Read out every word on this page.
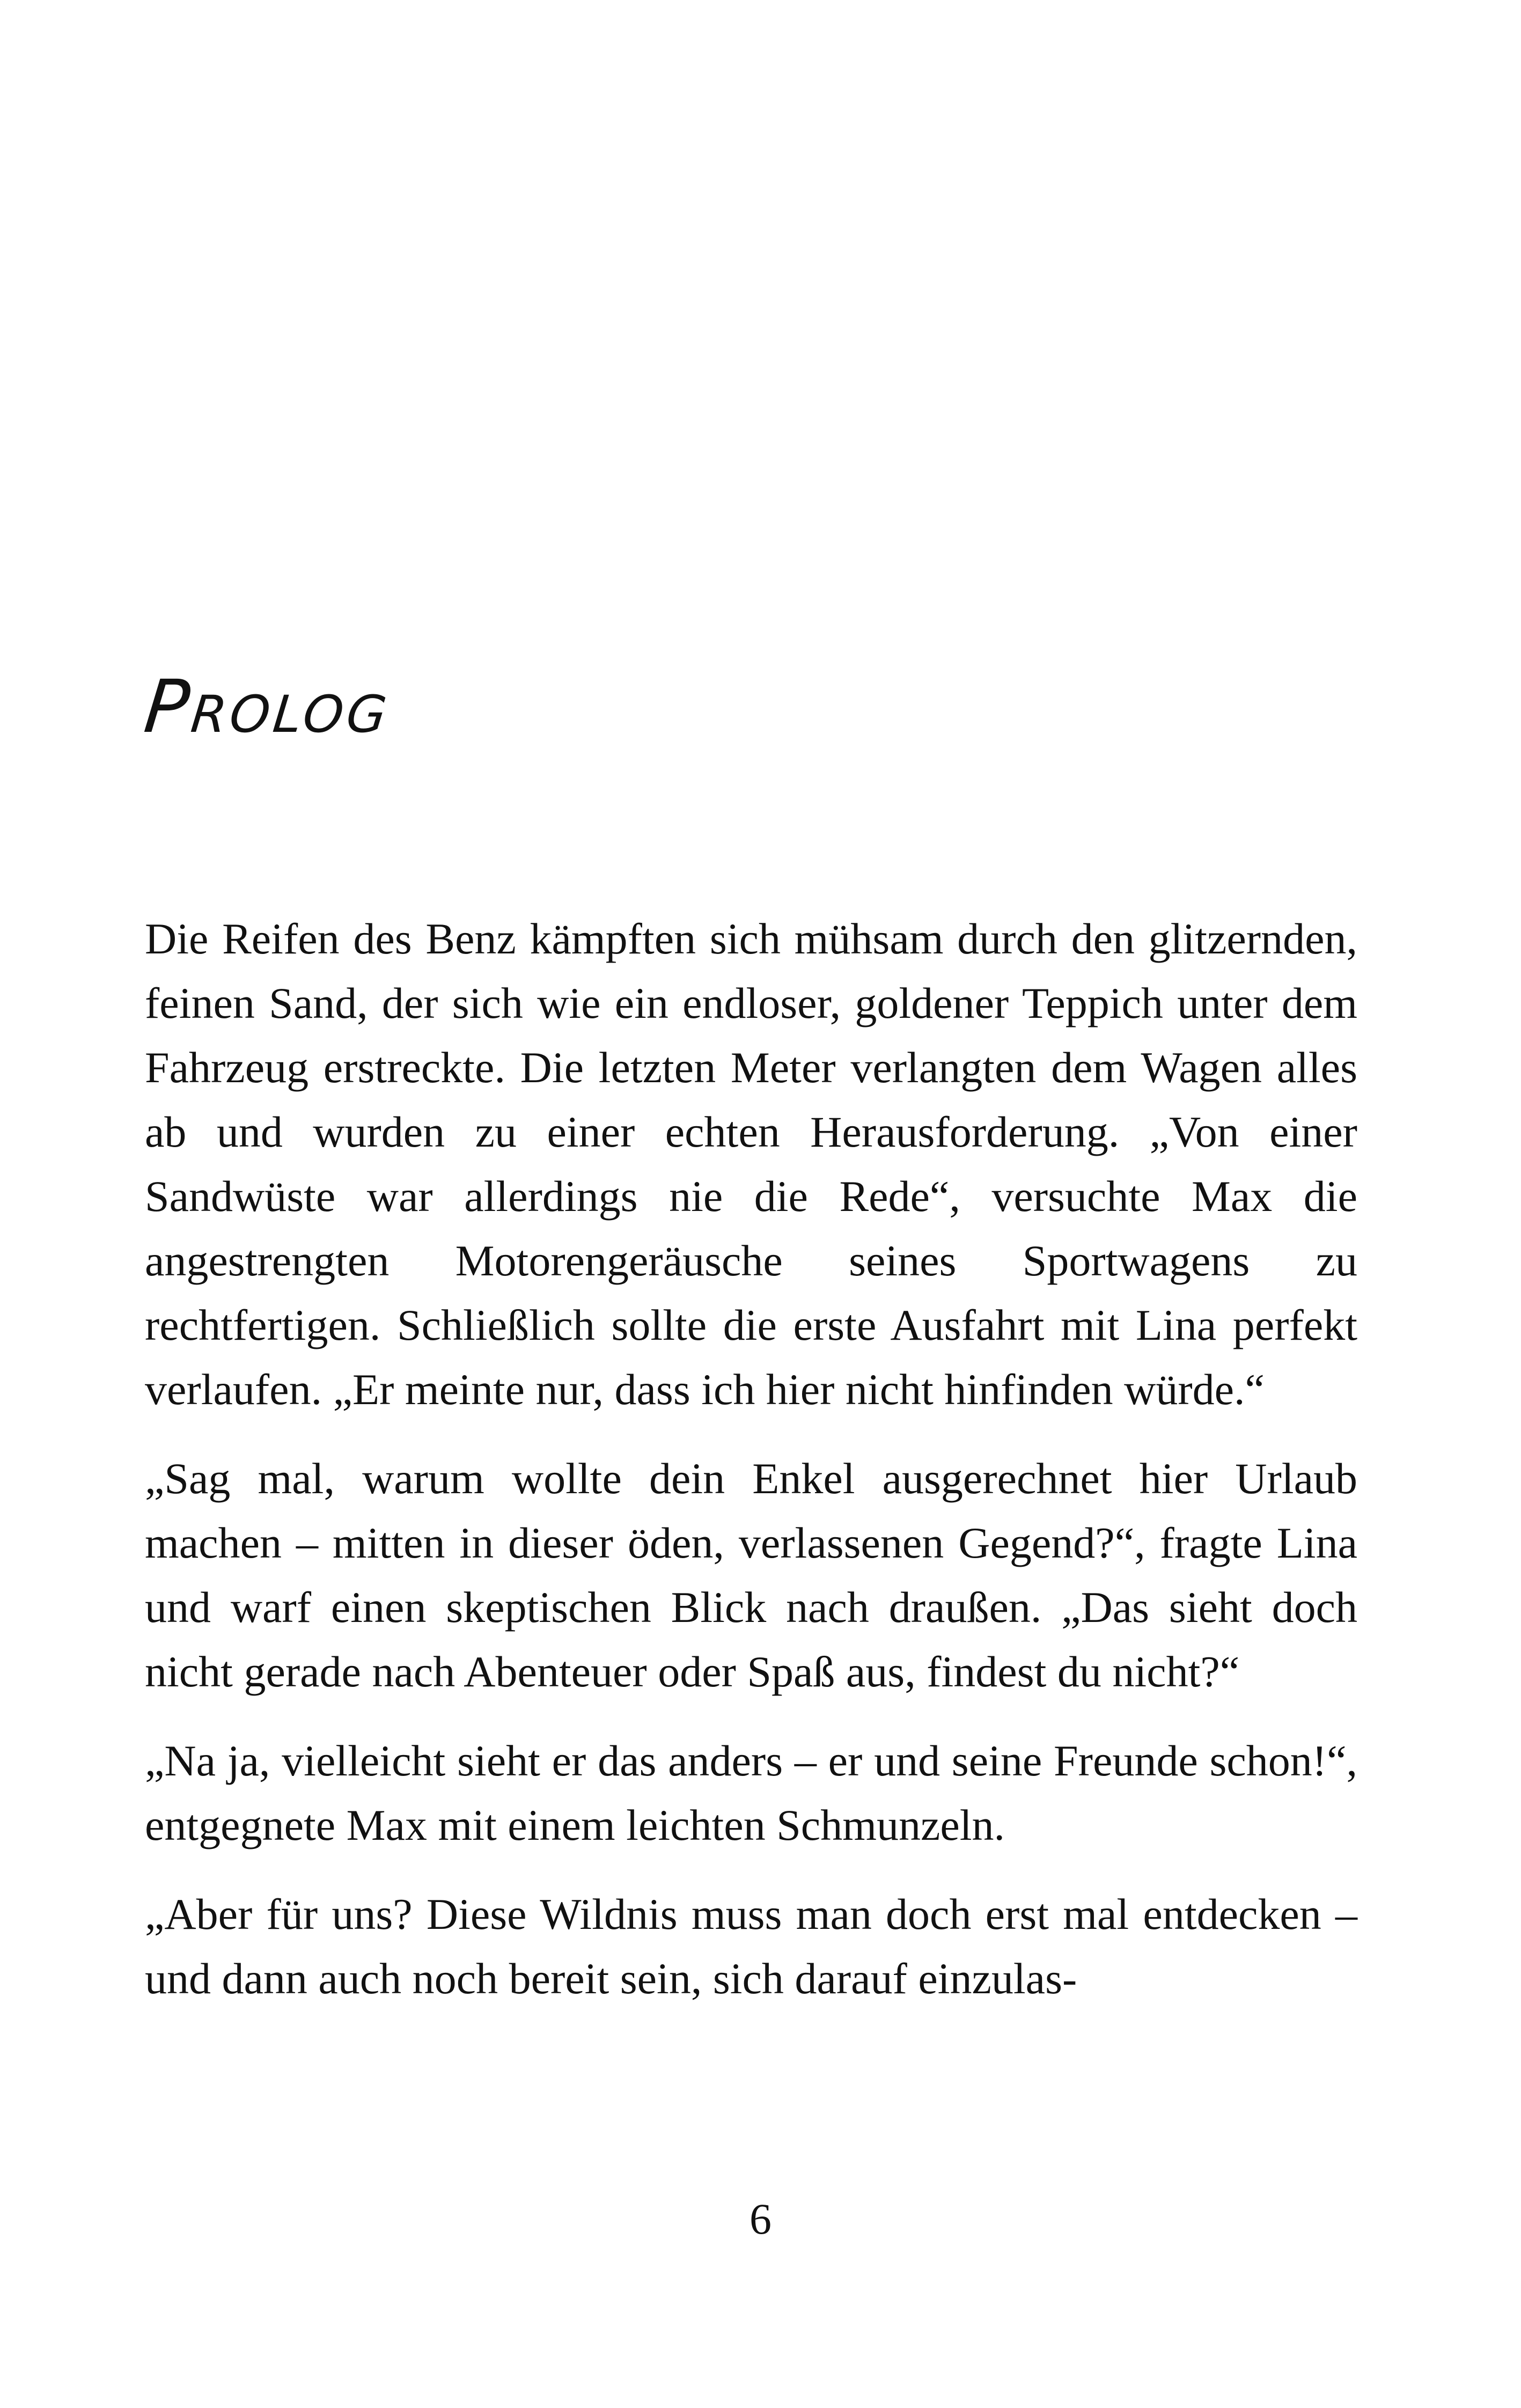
Prolog

Die Reifen des Benz kämpften sich mühsam durch den glitzernden, feinen Sand, der sich wie ein endloser, goldener Teppich unter dem Fahrzeug erstreckte. Die letzten Meter verlangten dem Wagen alles ab und wurden zu einer echten Herausforderung. „Von einer Sandwüste war allerdings nie die Rede“, versuchte Max die angestrengten Motorengeräusche seines Sportwagens zu rechtfertigen. Schließlich sollte die erste Ausfahrt mit Lina perfekt verlaufen. „Er meinte nur, dass ich hier nicht hinfinden würde.“

„Sag mal, warum wollte dein Enkel ausgerechnet hier Urlaub machen – mitten in dieser öden, verlassenen Gegend?“, fragte Lina und warf einen skeptischen Blick nach draußen. „Das sieht doch nicht gerade nach Abenteuer oder Spaß aus, findest du nicht?“

„Na ja, vielleicht sieht er das anders – er und seine Freunde schon!“, entgegnete Max mit einem leichten Schmunzeln.

„Aber für uns? Diese Wildnis muss man doch erst mal entdecken – und dann auch noch bereit sein, sich darauf einzulas-

6
